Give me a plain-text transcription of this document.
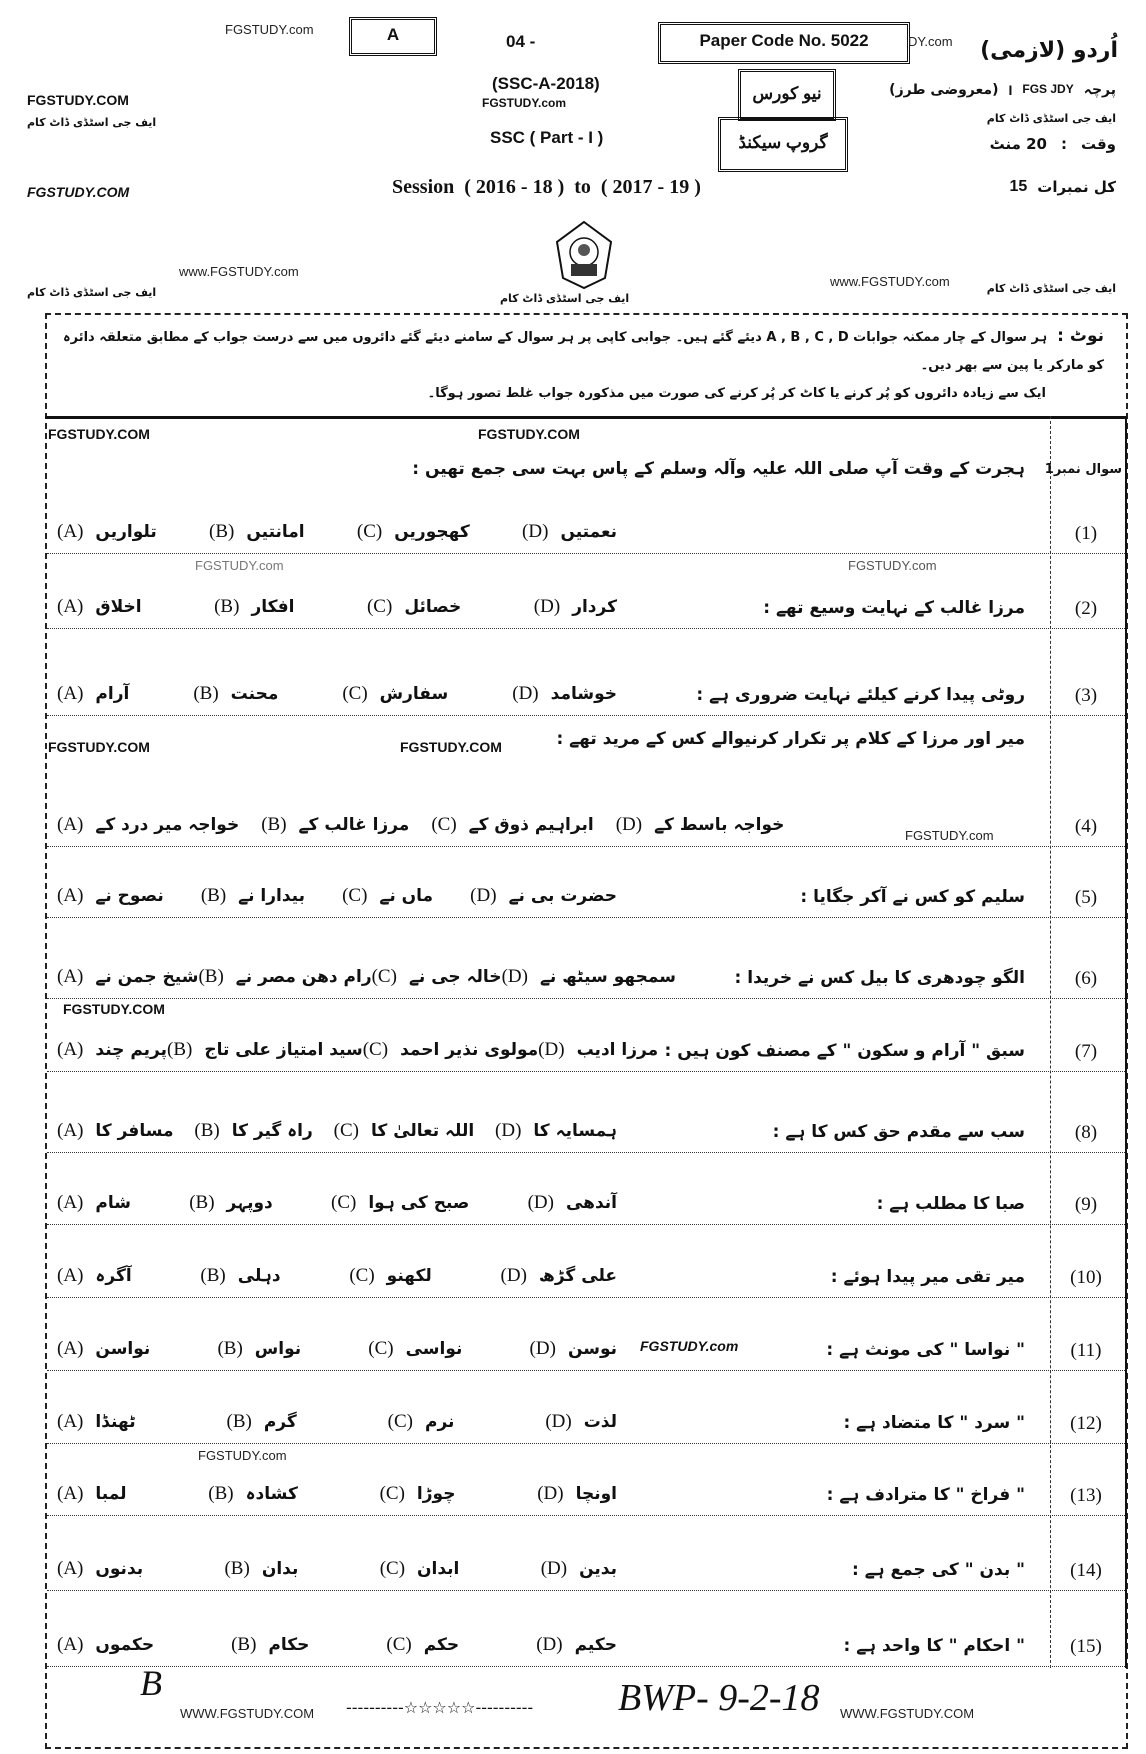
FGSTUDY.com	A	04 -	Paper Code No. 5022	DY.com اُردو (لازمی)
(SSC-A-2018)
FGSTUDY.com	نیو کورس
گروپ سیکنڈ
SSC ( Part - I )
پرچہ
FGS JDY
I
(معروضی طرز)
ایف جی اسٹڈی ڈاٹ کام
وقت
:
20 منٹ
کل نمبرات
15
Session  ( 2016 - 18 )  to  ( 2017 - 19 )
FGSTUDY.COM
ایف جی اسٹڈی ڈاٹ کام
FGSTUDY.COM
www.FGSTUDY.com
ایف جی اسٹڈی ڈاٹ کام	ایف جی اسٹڈی ڈاٹ کام
www.FGSTUDY.com	ایف جی اسٹڈی ڈاٹ کام
نوٹ :ہر سوال کے چار ممکنہ جوابات A , B , C , D دیئے گئے ہیں۔ جوابی کاپی پر ہر سوال کے سامنے دیئے گئے دائروں میں سے درست جواب کے مطابق متعلقہ دائرہ کو مارکر یا پین سے بھر دیں۔
ایک سے زیادہ دائروں کو پُر کرنے یا کاٹ کر پُر کرنے کی صورت میں مذکورہ جواب غلط تصور ہوگا۔
سوال نمبر1
(1)
ہجرت کے وقت آپ صلی اللہ علیہ وآلہ وسلم کے پاس بہت سی جمع تھیں :
(A) تلواریں	(B) امانتیں	(C) کھجوریں	(D) نعمتیں
(2)
مرزا غالب کے نہایت وسیع تھے :
(A) اخلاق	(B) افکار	(C) خصائل	(D) کردار
(3)
روٹی پیدا کرنے کیلئے نہایت ضروری ہے :
(A) آرام	(B) محنت	(C) سفارش	(D) خوشامد
(4)
میر اور مرزا کے کلام پر تکرار کرنیوالے کس کے مرید تھے :
(A) خواجہ میر درد کے (B) مرزا غالب کے (C) ابراہیم ذوق کے (D) خواجہ باسط کے
(5)
سلیم کو کس نے آکر جگایا :
(A) نصوح نے (B) بیدارا نے (C) ماں نے (D) حضرت بی نے
(6)
الگو چودھری کا بیل کس نے خریدا :
(A) شیخ جمن نے (B) رام دھن مصر نے (C) خالہ جی نے (D) سمجھو سیٹھ نے
(7)
سبق " آرام و سکون " کے مصنف کون ہیں :
(A) پریم چند (B) سید امتیاز علی تاج (C) مولوی نذیر احمد (D) مرزا ادیب
(8)
سب سے مقدم حق کس کا ہے :
(A) مسافر کا (B) راہ گیر کا (C) اللہ تعالیٰ کا (D) ہمسایہ کا
(9)
صبا کا مطلب ہے :
(A) شام	(B) دوپہر	(C) صبح کی ہوا	(D) آندھی
(10)
میر تقی میر پیدا ہوئے :
(A) آگرہ	(B) دہلی	(C) لکھنو	(D) علی گڑھ
(11)
" نواسا " کی مونث ہے :
(A) نواسن	(B) نواس	(C) نواسی	(D) نوسن
(12)
" سرد " کا متضاد ہے :
(A) ٹھنڈا	(B) گرم	(C) نرم	(D) لذت
(13)
" فراخ " کا مترادف ہے :
(A) لمبا	(B) کشادہ	(C) چوڑا	(D) اونچا
(14)
" بدن " کی جمع ہے :
(A) بدنوں	(B) بدان	(C) ابدان	(D) بدین
(15)
" احکام " کا واحد ہے :
(A) حکموں	(B) حکام	(C) حکم	(D) حکیم
FGSTUDY.COM	FGSTUDY.COM
FGSTUDY.com	FGSTUDY.com
FGSTUDY.com
FGSTUDY.COM	FGSTUDY.COM
FGSTUDY.COM
FGSTUDY.com
FGSTUDY.com
B
WWW.FGSTUDY.COM ----------☆☆☆☆☆---------- BWP- 9-2-18 WWW.FGSTUDY.COM
